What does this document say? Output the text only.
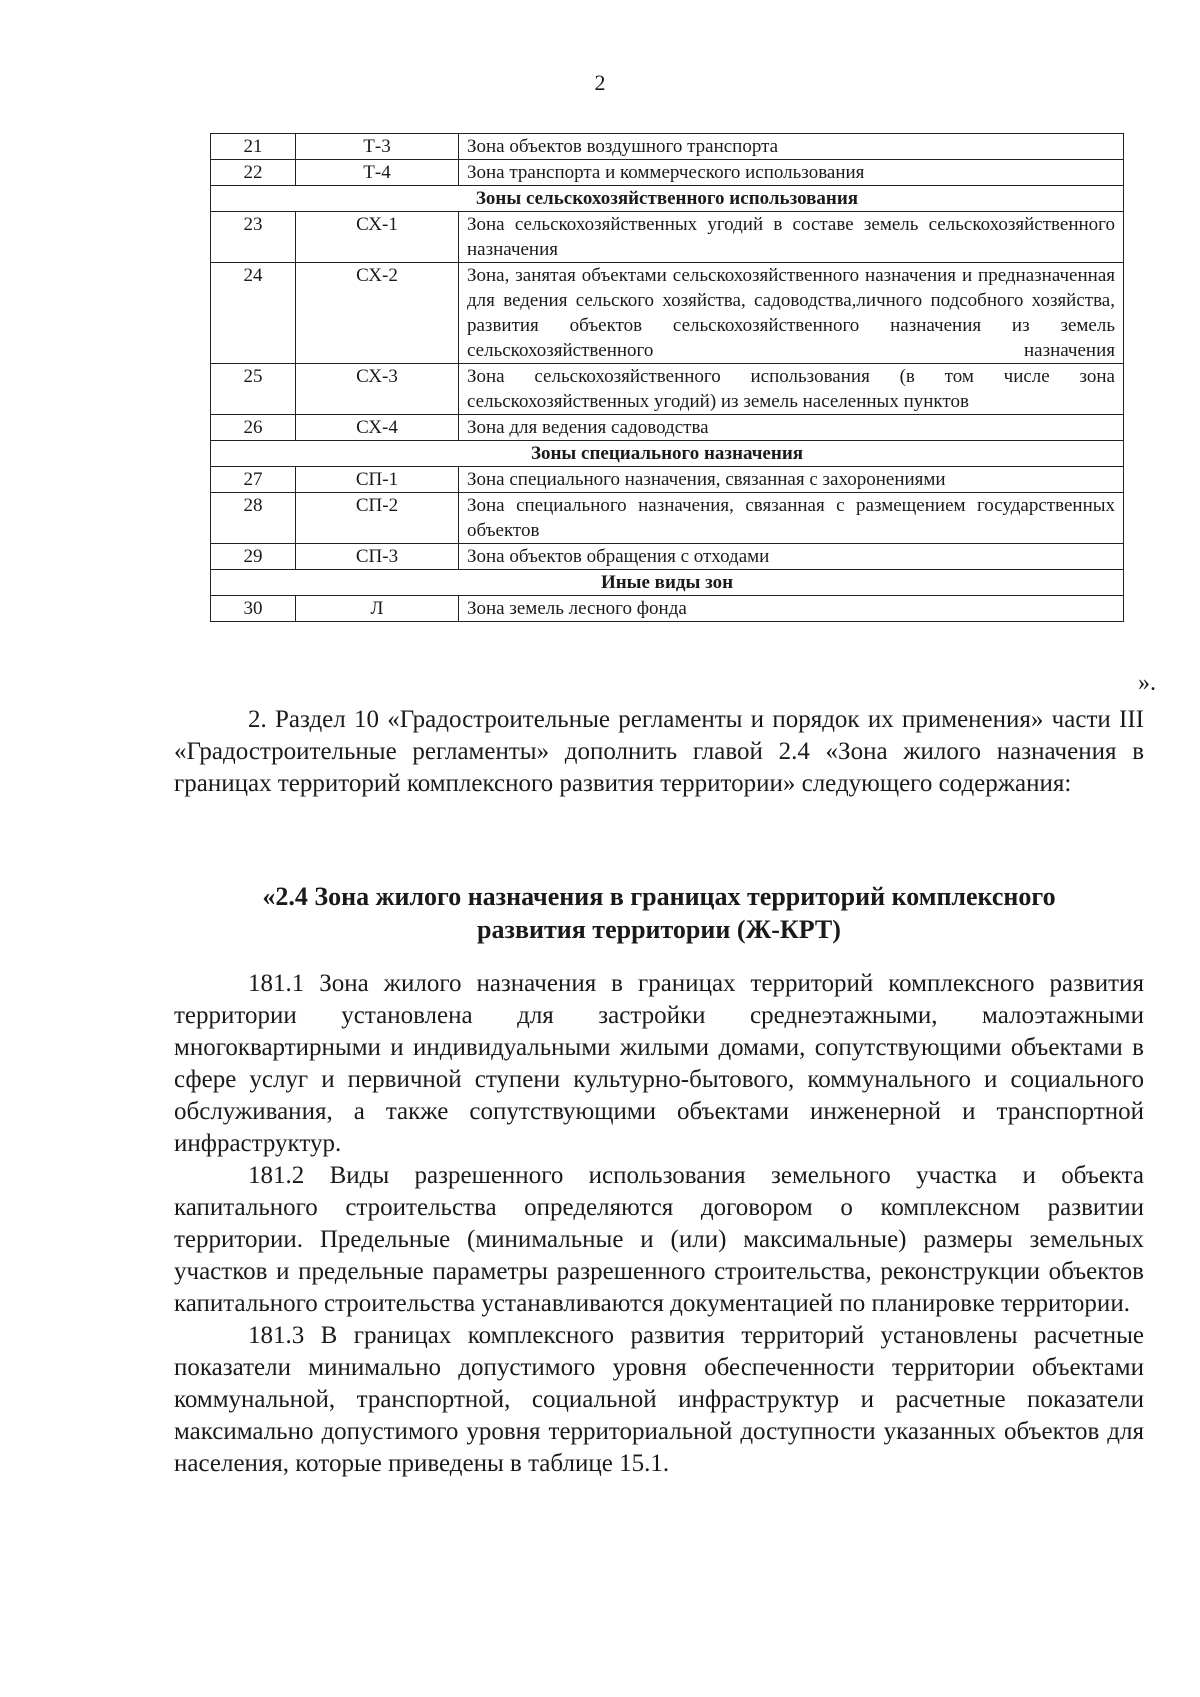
2
21	Т-3	Зона объектов воздушного транспорта
22	Т-4	Зона транспорта и коммерческого использования
Зоны сельскохозяйственного использования		
23	СХ-1	Зона сельскохозяйственных угодий в составе земель сельскохозяйственного назначения
24	СХ-2	Зона, занятая объектами сельскохозяйственного назначения и предназначенная для ведения сельского хозяйства, садоводства,личного подсобного хозяйства, развития объектов сельскохозяйственного назначения из земель сельскохозяйственного назначения
25	СХ-3	Зона сельскохозяйственного использования (в том числе зона сельскохозяйственных угодий) из земель населенных пунктов
26	СХ-4	Зона для ведения садоводства
Зоны специального назначения		
27	СП-1	Зона специального назначения, связанная с захоронениями
28	СП-2	Зона специального назначения, связанная с размещением государственных объектов
29	СП-3	Зона объектов обращения с отходами
Иные виды зон		
30	Л	Зона земель лесного фонда
».

2. Раздел 10 «Градостроительные регламенты и порядок их применения» части III «Градостроительные регламенты» дополнить главой 2.4 «Зона жилого назначения в границах территорий комплексного развития территории» следующего содержания:

«2.4 Зона жилого назначения в границах территорий комплексного
развития территории (Ж-КРТ)

181.1 Зона жилого назначения в границах территорий комплексного развития территории установлена для застройки среднеэтажными, малоэтажными многоквартирными и индивидуальными жилыми домами, сопутствующими объектами в сфере услуг и первичной ступени культурно-бытового, коммунального и социального обслуживания, а также сопутствующими объектами инженерной и транспортной инфраструктур.

181.2 Виды разрешенного использования земельного участка и объекта капитального строительства определяются договором о комплексном развитии территории. Предельные (минимальные и (или) максимальные) размеры земельных участков и предельные параметры разрешенного строительства, реконструкции объектов капитального строительства устанавливаются документацией по планировке территории.

181.3 В границах комплексного развития территорий установлены расчетные показатели минимально допустимого уровня обеспеченности территории объектами коммунальной, транспортной, социальной инфраструктур и расчетные показатели максимально допустимого уровня территориальной доступности указанных объектов для населения, которые приведены в таблице 15.1.
